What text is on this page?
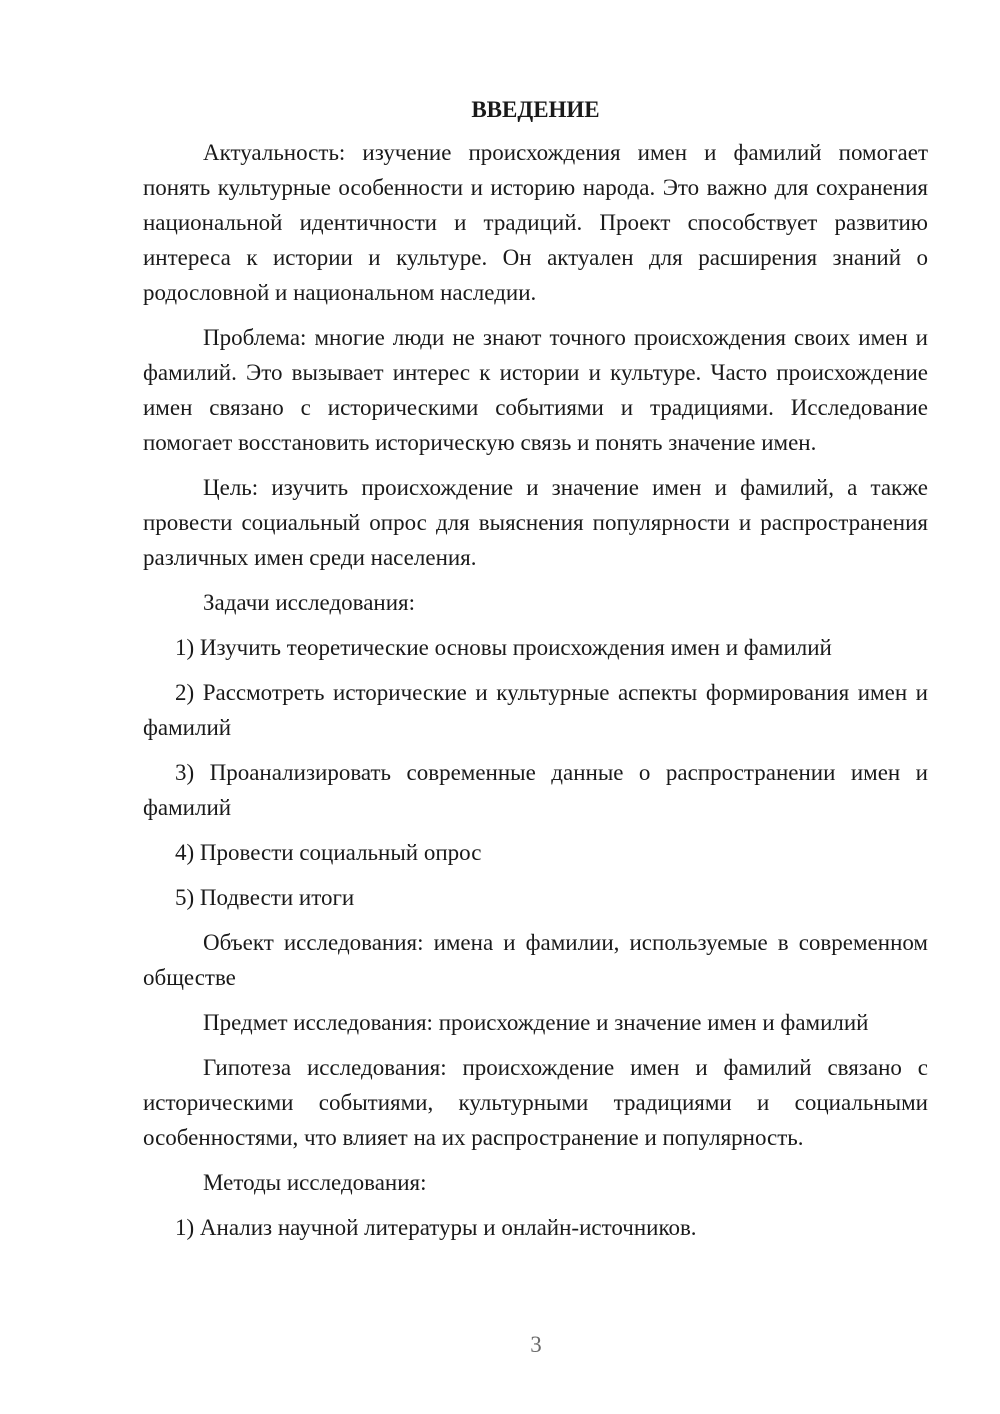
ВВЕДЕНИЕ

Актуальность: изучение происхождения имен и фамилий помогает понять культурные особенности и историю народа. Это важно для сохранения национальной идентичности и традиций. Проект способствует развитию интереса к истории и культуре. Он актуален для расширения знаний о родословной и национальном наследии.

Проблема: многие люди не знают точного происхождения своих имен и фамилий. Это вызывает интерес к истории и культуре. Часто происхождение имен связано с историческими событиями и традициями. Исследование помогает восстановить историческую связь и понять значение имен.

Цель: изучить происхождение и значение имен и фамилий, а также провести социальный опрос для выяснения популярности и распространения различных имен среди населения.

Задачи исследования:

1) Изучить теоретические основы происхождения имен и фамилий

2) Рассмотреть исторические и культурные аспекты формирования имен и фамилий

3) Проанализировать современные данные о распространении имен и фамилий

4) Провести социальный опрос

5) Подвести итоги

Объект исследования: имена и фамилии, используемые в современном обществе

Предмет исследования: происхождение и значение имен и фамилий

Гипотеза исследования: происхождение имен и фамилий связано с историческими событиями, культурными традициями и социальными особенностями, что влияет на их распространение и популярность.

Методы исследования:

1) Анализ научной литературы и онлайн-источников.

3
